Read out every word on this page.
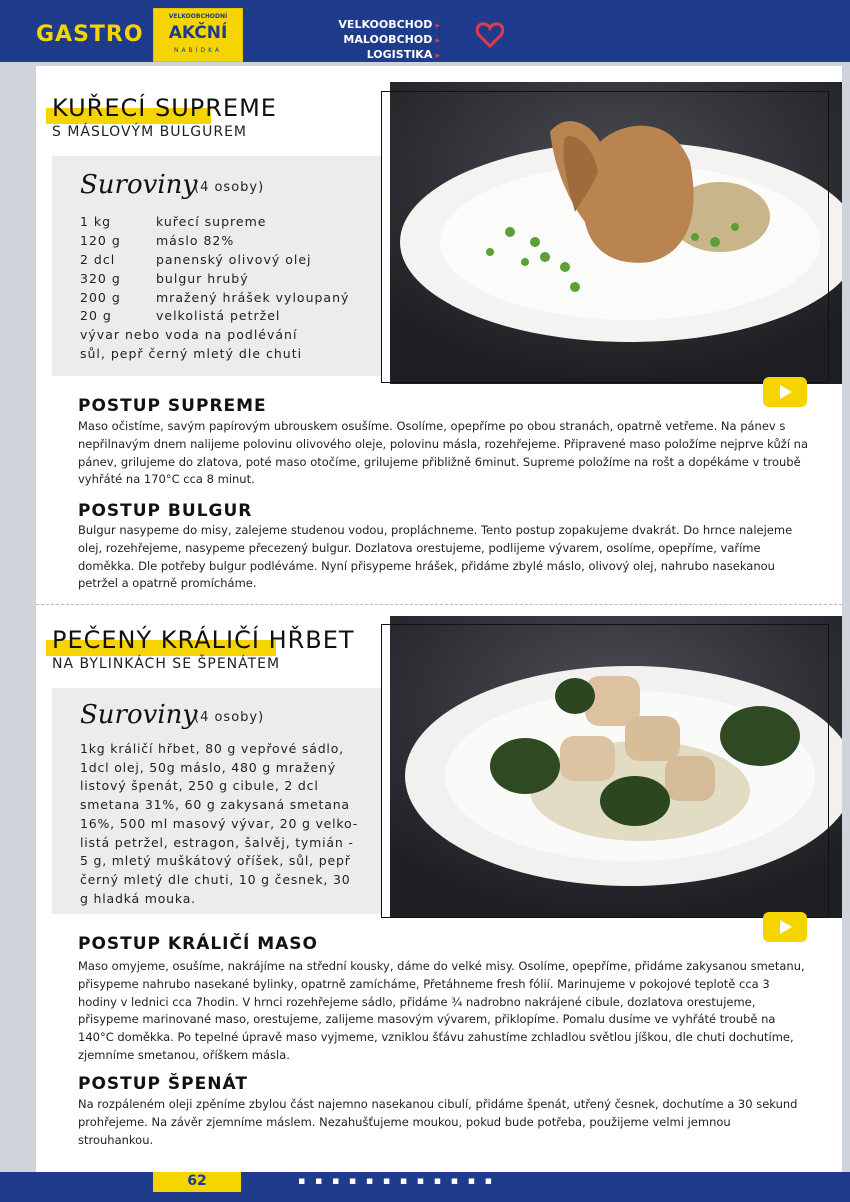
GASTRO
VELKOOBCHODNÍ
AKČNÍ
NABÍDKA
VELKOOBCHOD ▸
MALOOBCHOD ▸
LOGISTIKA ▸ 25
KUŘECÍ SUPREME
S MÁSLOVÝM BULGUREM
Suroviny
(4 osoby)
1 kg	kuřecí supreme
120 g	máslo 82%
2 dcl	panenský olivový olej
320 g	bulgur hrubý
200 g	mražený hrášek vyloupaný
20 g	velkolistá petržel
vývar nebo voda na podlévání
sůl, pepř černý mletý dle chuti
POSTUP SUPREME
Maso očistíme, savým papírovým ubrouskem osušíme. Osolíme, opepříme po obou stranách, opatrně vetřeme. Na pánev s nepřilnavým dnem nalijeme polovinu olivového oleje, polovinu másla, rozehřejeme. Připravené maso položíme nejprve kůží na pánev, grilujeme do zlatova, poté maso otočíme, grilujeme přibližně 6minut. Supreme položíme na rošt a dopékáme v troubě vyhřáté na 170°C cca 8 minut.
POSTUP BULGUR
Bulgur nasypeme do misy, zalejeme studenou vodou, propláchneme. Tento postup zopakujeme dvakrát. Do hrnce nalejeme olej, rozehřejeme, nasypeme přecezený bulgur. Dozlatova orestujeme, podlijeme vývarem, osolíme, opepříme, vaříme doměkka. Dle potřeby bulgur podléváme. Nyní přisypeme hrášek, přidáme zbylé máslo, olivový olej, nahrubo nasekanou petržel a opatrně promícháme.
PEČENÝ KRÁLIČÍ HŘBET
NA BYLINKÁCH SE ŠPENÁTEM
Suroviny
(4 osoby)
1kg králičí hřbet, 80 g vepřové sádlo,
1dcl olej, 50g máslo, 480 g mražený
listový špenát, 250 g cibule, 2 dcl
smetana 31%, 60 g zakysaná smetana
16%, 500 ml masový vývar, 20 g velko-
listá petržel, estragon, šalvěj, tymián -
5 g, mletý muškátový oříšek, sůl, pepř
černý mletý dle chuti, 10 g česnek, 30
g hladká mouka.
POSTUP KRÁLIČÍ MASO
Maso omyjeme, osušíme, nakrájíme na střední kousky, dáme do velké misy. Osolíme, opepříme, přidáme zakysanou smetanu, přisypeme nahrubo nasekané bylinky, opatrně zamícháme, Přetáhneme fresh fólií. Marinujeme v pokojové teplotě cca 3 hodiny v lednici cca 7hodin. V hrnci rozehřejeme sádlo, přidáme ¾ nadrobno nakrájené cibule, dozlatova orestujeme, přisypeme marinované maso, orestujeme, zalijeme masovým vývarem, přiklopíme. Pomalu dusíme ve vyhřáté troubě na 140°C doměkka. Po tepelné úpravě maso vyjmeme, vzniklou šťávu zahustíme zchladlou světlou jíškou, dle chuti dochutíme, zjemníme smetanou, oříškem másla.
POSTUP ŠPENÁT
Na rozpáleném oleji zpěníme zbylou část najemno nasekanou cibulí, přidáme špenát, utřený česnek, dochutíme a 30 sekund prohřejeme. Na závěr zjemníme máslem. Nezahušťujeme moukou, pokud bude potřeba, použijeme velmi jemnou strouhankou.
62	▪ ▪ ▪ ▪ ▪ ▪ ▪ ▪ ▪ ▪ ▪ ▪
